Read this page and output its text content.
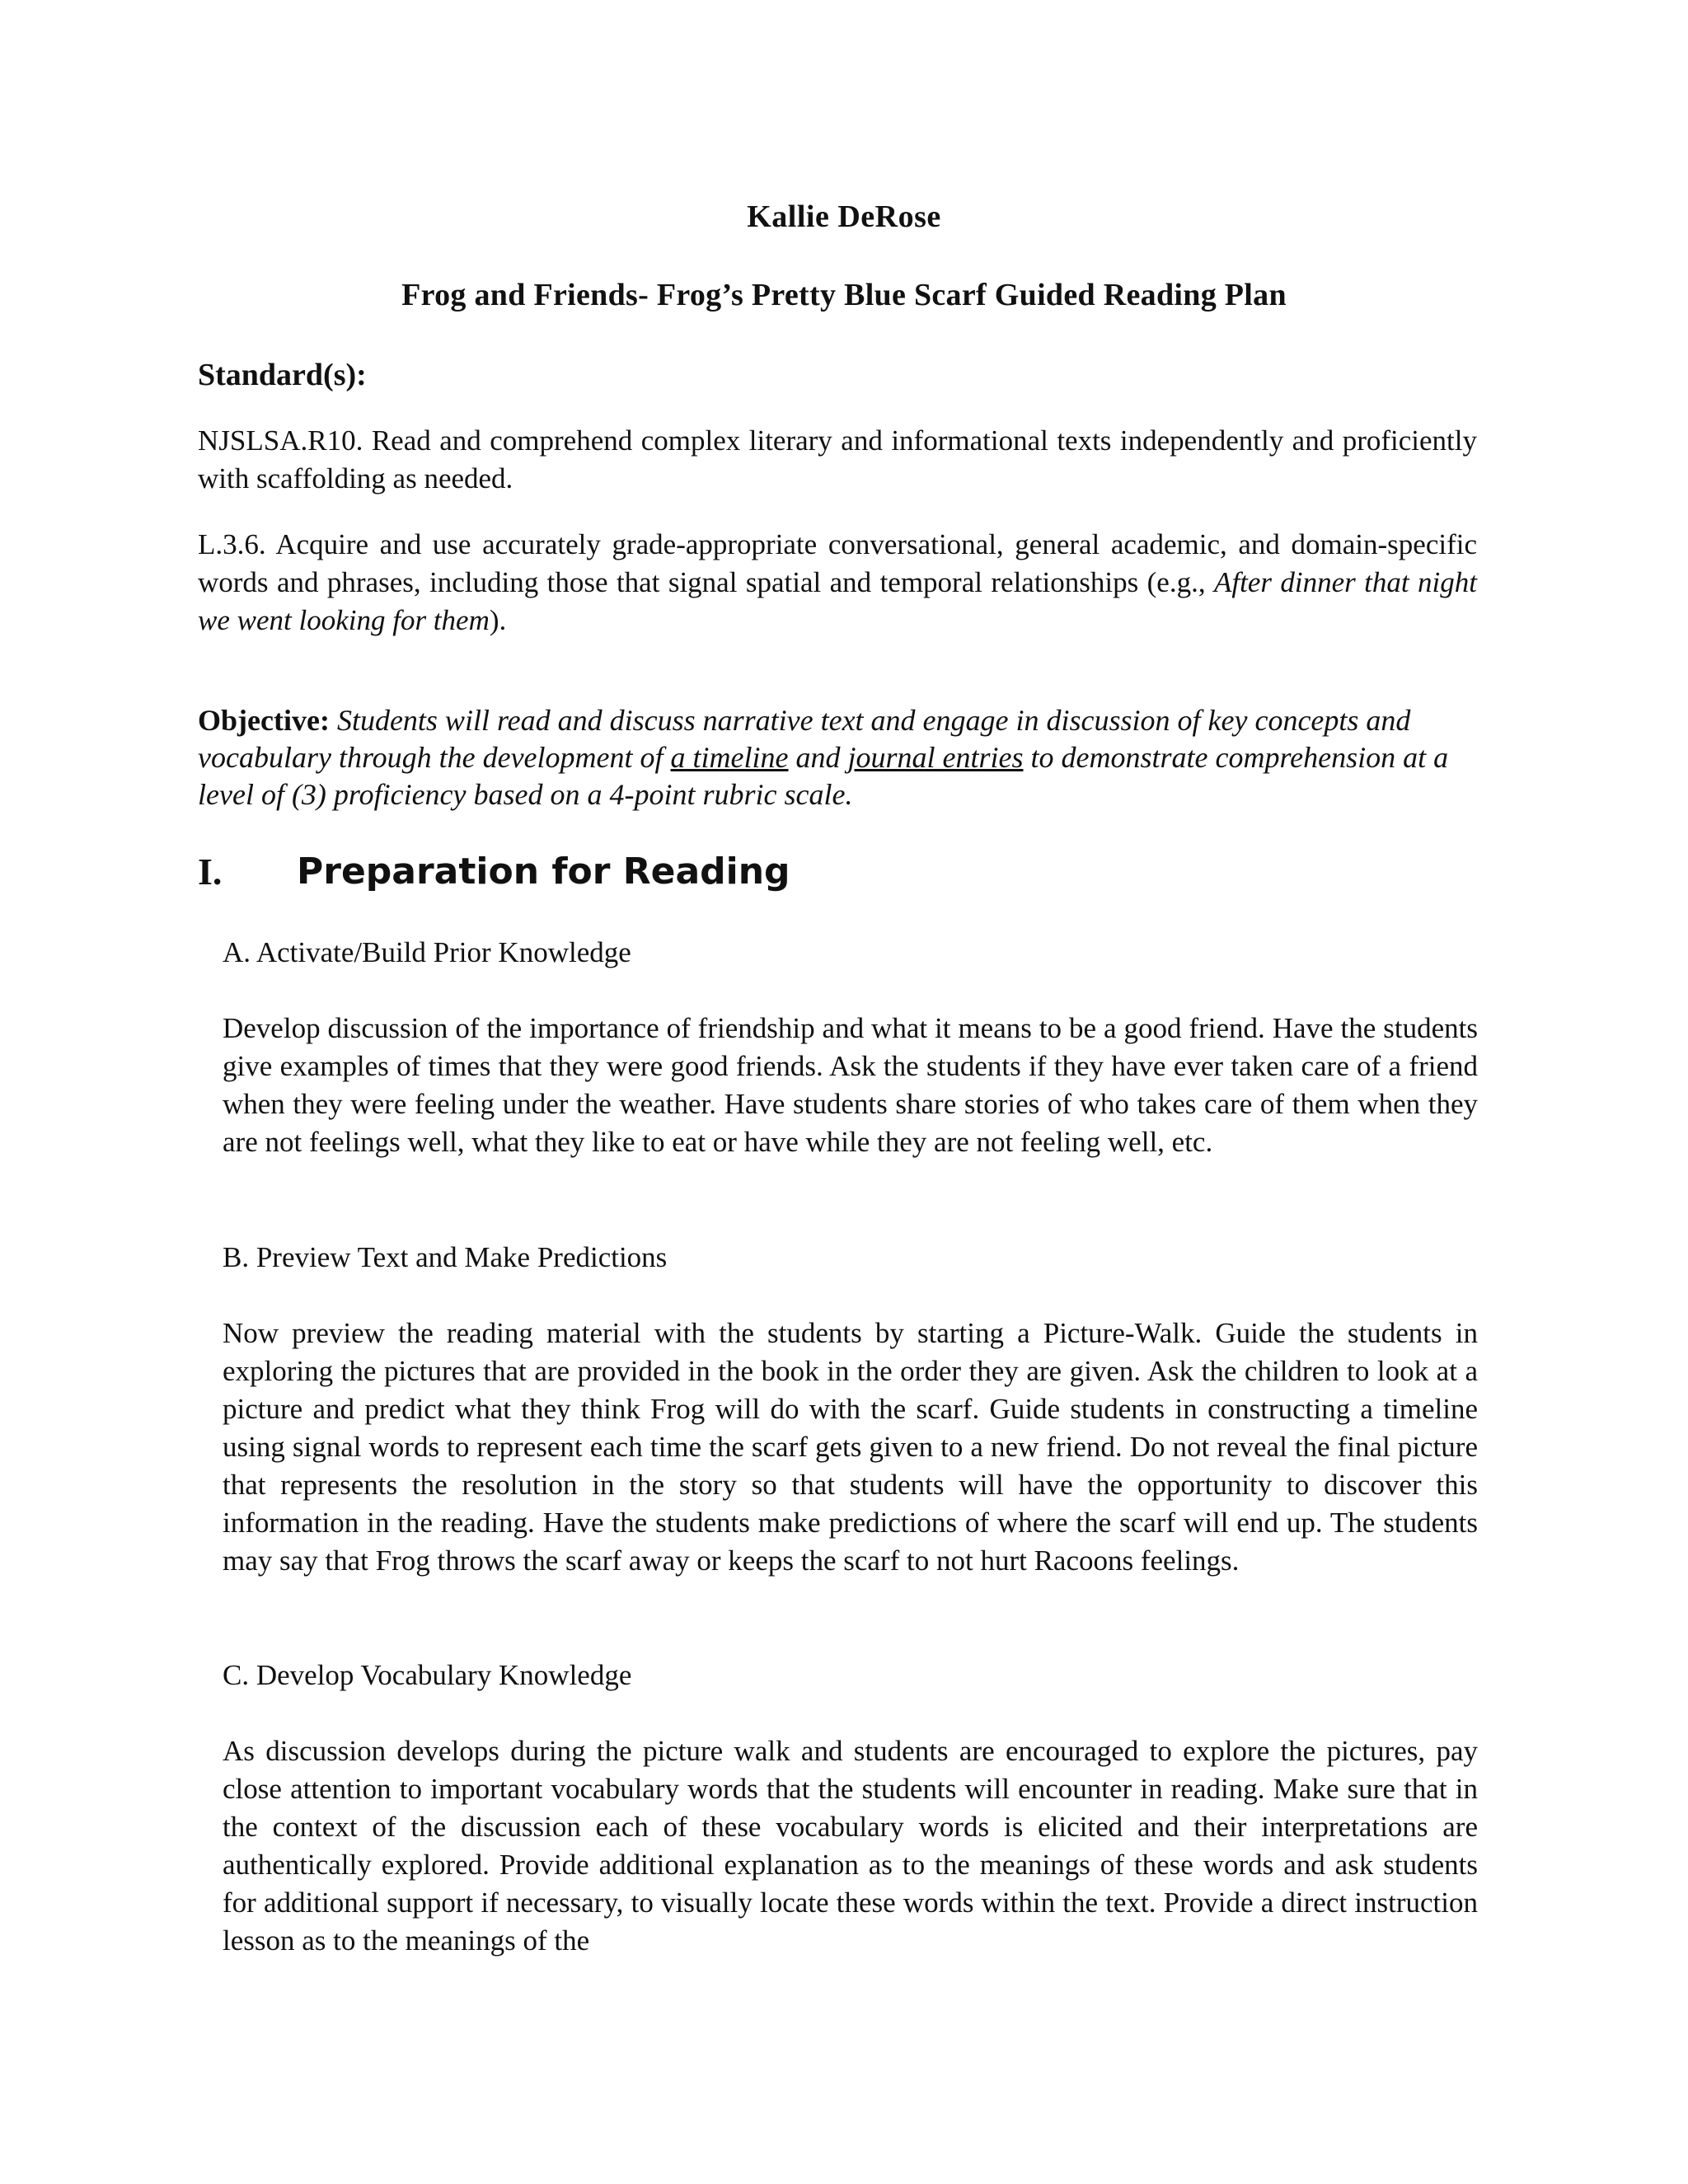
Kallie DeRose

Frog and Friends- Frog’s Pretty Blue Scarf Guided Reading Plan

Standard(s):

NJSLSA.R10. Read and comprehend complex literary and informational texts independently and proficiently with scaffolding as needed.

L.3.6. Acquire and use accurately grade-appropriate conversational, general academic, and domain-specific words and phrases, including those that signal spatial and temporal relationships (e.g., After dinner that night we went looking for them).

Objective: Students will read and discuss narrative text and engage in discussion of key concepts and vocabulary through the development of a timeline and journal entries to demonstrate comprehension at a level of (3) proficiency based on a 4-point rubric scale.

I.	Preparation for Reading

A. Activate/Build Prior Knowledge

Develop discussion of the importance of friendship and what it means to be a good friend. Have the students give examples of times that they were good friends. Ask the students if they have ever taken care of a friend when they were feeling under the weather. Have students share stories of who takes care of them when they are not feelings well, what they like to eat or have while they are not feeling well, etc.

B. Preview Text and Make Predictions

Now preview the reading material with the students by starting a Picture-Walk. Guide the students in exploring the pictures that are provided in the book in the order they are given. Ask the children to look at a picture and predict what they think Frog will do with the scarf. Guide students in constructing a timeline using signal words to represent each time the scarf gets given to a new friend. Do not reveal the final picture that represents the resolution in the story so that students will have the opportunity to discover this information in the reading. Have the students make predictions of where the scarf will end up. The students may say that Frog throws the scarf away or keeps the scarf to not hurt Racoons feelings.

C. Develop Vocabulary Knowledge

As discussion develops during the picture walk and students are encouraged to explore the pictures, pay close attention to important vocabulary words that the students will encounter in reading. Make sure that in the context of the discussion each of these vocabulary words is elicited and their interpretations are authentically explored. Provide additional explanation as to the meanings of these words and ask students for additional support if necessary, to visually locate these words within the text. Provide a direct instruction lesson as to the meanings of the
